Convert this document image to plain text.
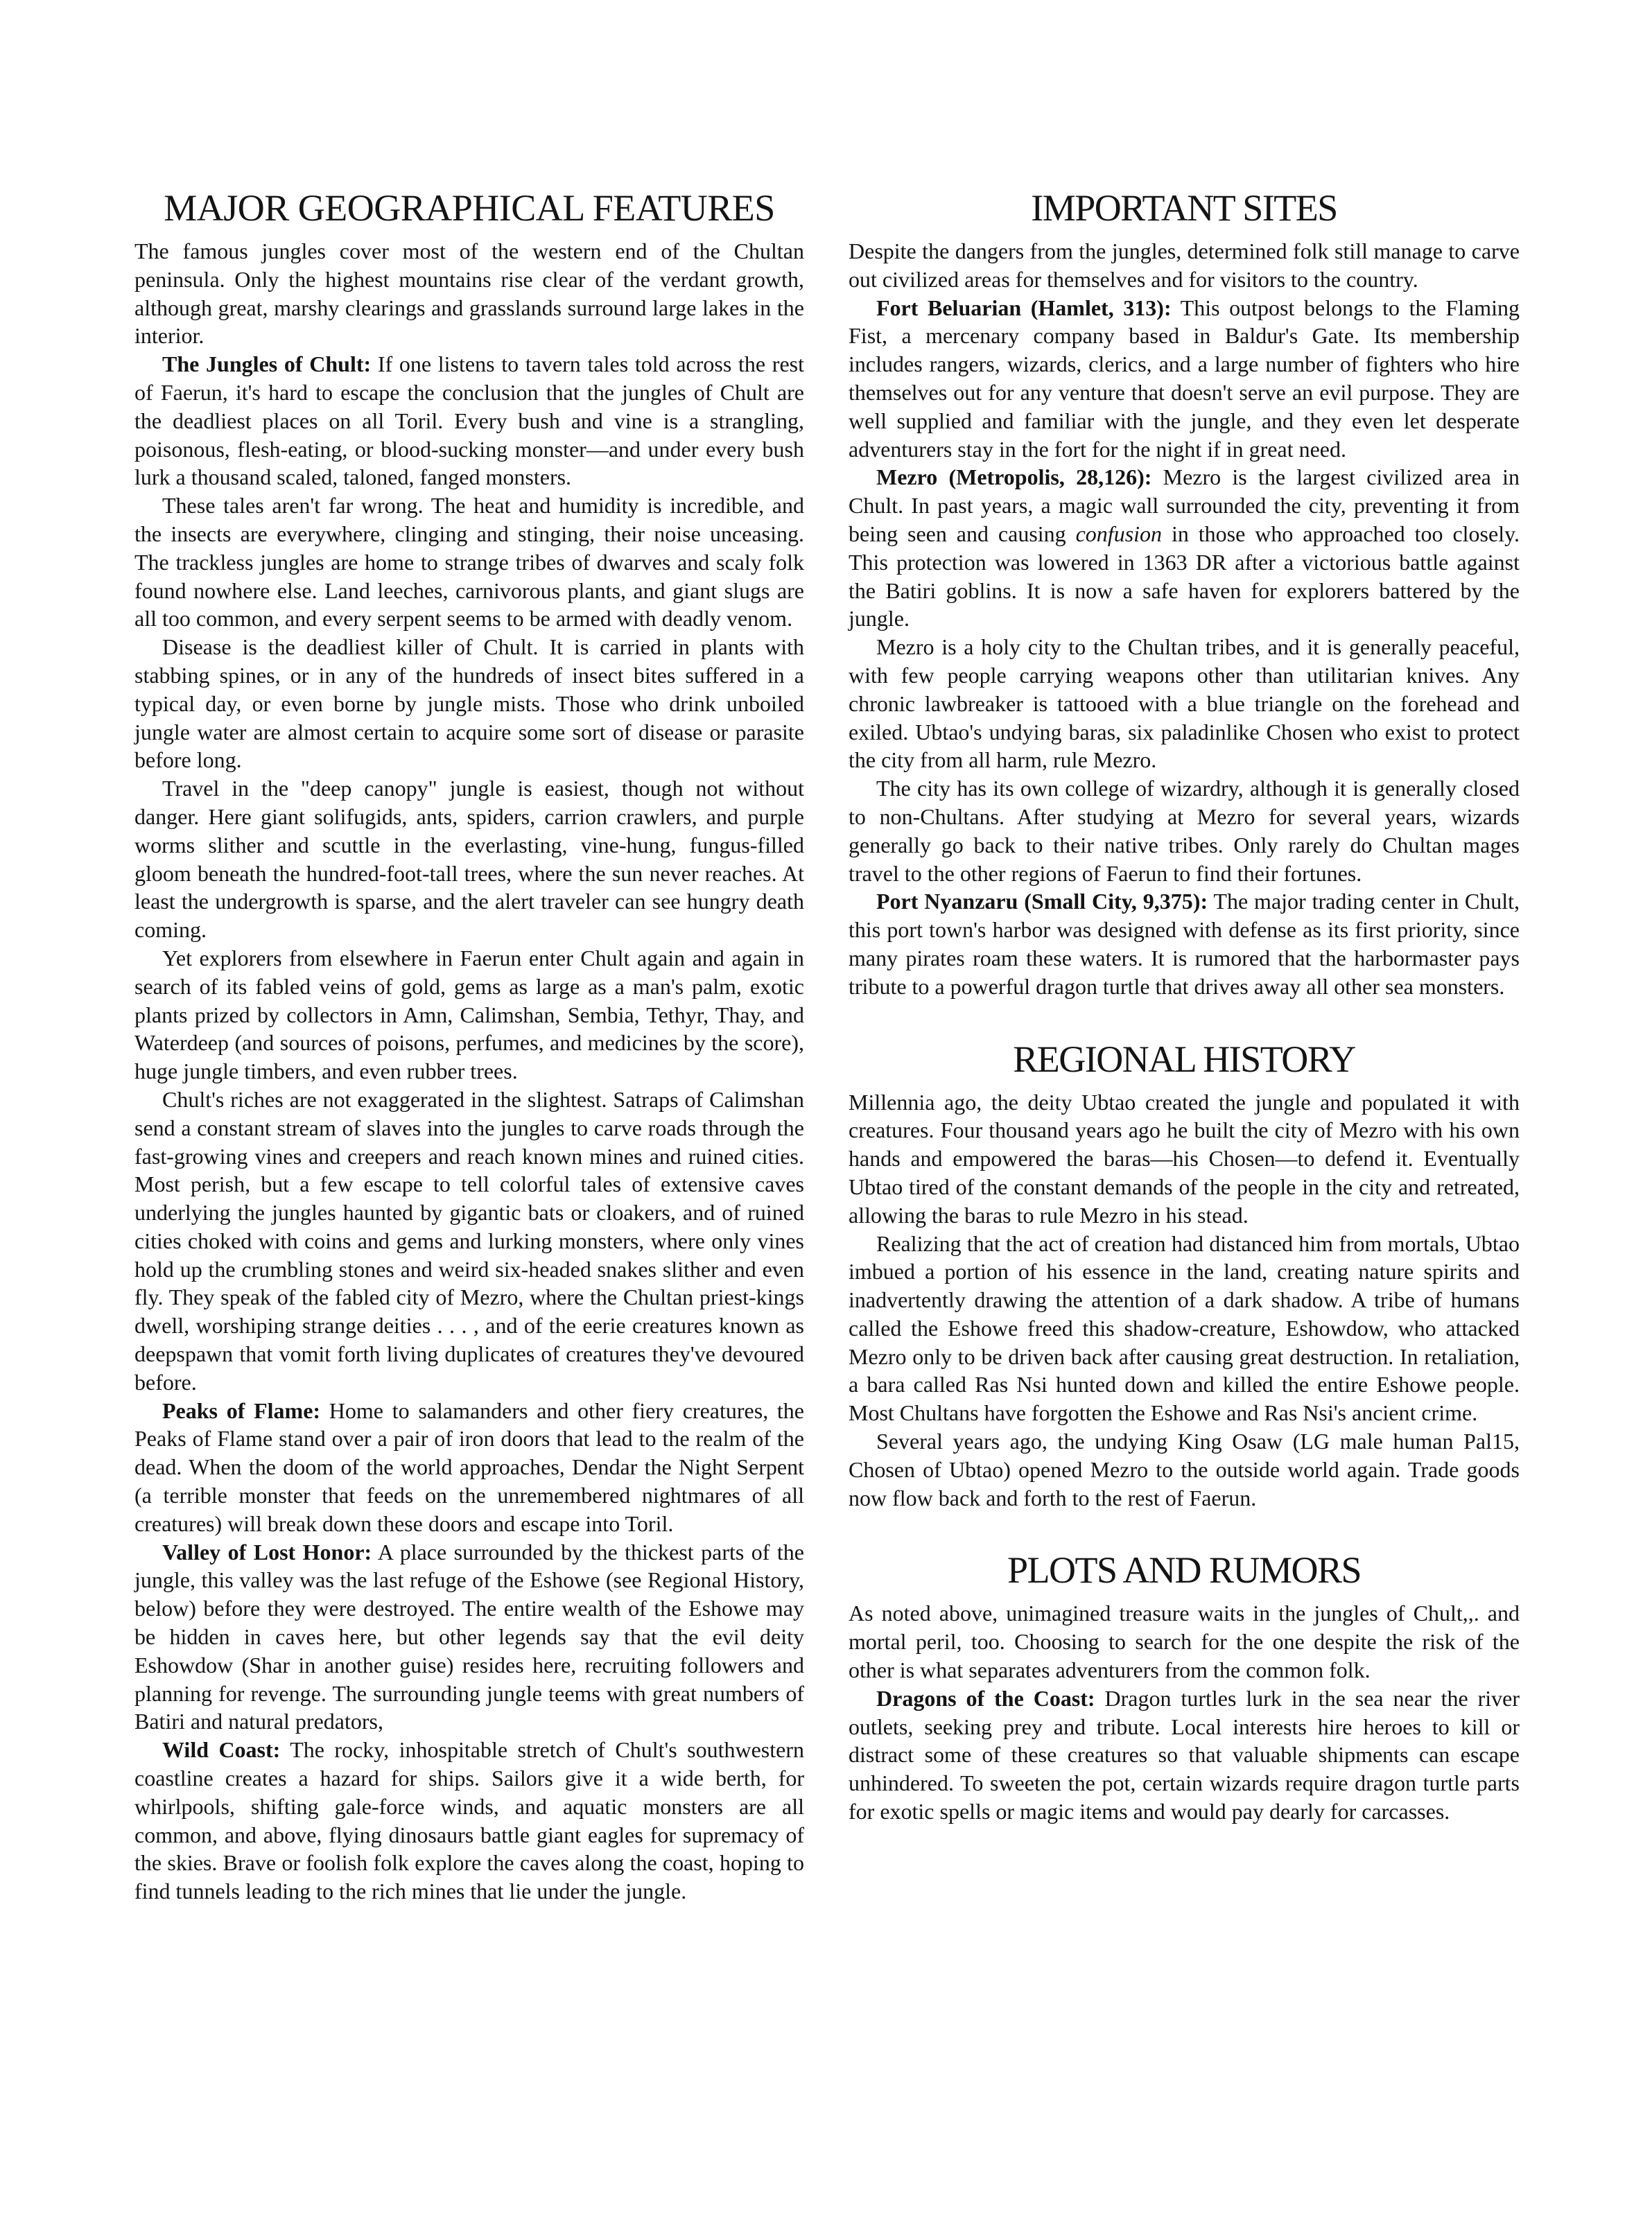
MAJOR GEOGRAPHICAL FEATURES

The famous jungles cover most of the western end of the Chultan peninsula. Only the highest mountains rise clear of the verdant growth, although great, marshy clearings and grasslands surround large lakes in the interior.

The Jungles of Chult: If one listens to tavern tales told across the rest of Faerun, it's hard to escape the conclusion that the jungles of Chult are the deadliest places on all Toril. Every bush and vine is a strangling, poisonous, flesh-eating, or blood-sucking monster—and under every bush lurk a thousand scaled, taloned, fanged monsters.

These tales aren't far wrong. The heat and humidity is incredible, and the insects are everywhere, clinging and stinging, their noise unceasing. The trackless jungles are home to strange tribes of dwarves and scaly folk found nowhere else. Land leeches, carnivorous plants, and giant slugs are all too common, and every serpent seems to be armed with deadly venom.

Disease is the deadliest killer of Chult. It is carried in plants with stabbing spines, or in any of the hundreds of insect bites suffered in a typical day, or even borne by jungle mists. Those who drink unboiled jungle water are almost certain to acquire some sort of disease or parasite before long.

Travel in the "deep canopy" jungle is easiest, though not without danger. Here giant solifugids, ants, spiders, carrion crawlers, and purple worms slither and scuttle in the everlasting, vine-hung, fungus-filled gloom beneath the hundred-foot-tall trees, where the sun never reaches. At least the undergrowth is sparse, and the alert traveler can see hungry death coming.

Yet explorers from elsewhere in Faerun enter Chult again and again in search of its fabled veins of gold, gems as large as a man's palm, exotic plants prized by collectors in Amn, Calimshan, Sembia, Tethyr, Thay, and Waterdeep (and sources of poisons, perfumes, and medicines by the score), huge jungle timbers, and even rubber trees.

Chult's riches are not exaggerated in the slightest. Satraps of Calimshan send a constant stream of slaves into the jungles to carve roads through the fast-growing vines and creepers and reach known mines and ruined cities. Most perish, but a few escape to tell colorful tales of extensive caves underlying the jungles haunted by gigantic bats or cloakers, and of ruined cities choked with coins and gems and lurking monsters, where only vines hold up the crumbling stones and weird six-headed snakes slither and even fly. They speak of the fabled city of Mezro, where the Chultan priest-kings dwell, worshiping strange deities . . . , and of the eerie creatures known as deepspawn that vomit forth living duplicates of creatures they've devoured before.

Peaks of Flame: Home to salamanders and other fiery creatures, the Peaks of Flame stand over a pair of iron doors that lead to the realm of the dead. When the doom of the world approaches, Dendar the Night Serpent (a terrible monster that feeds on the unremembered nightmares of all creatures) will break down these doors and escape into Toril.

Valley of Lost Honor: A place surrounded by the thickest parts of the jungle, this valley was the last refuge of the Eshowe (see Regional History, below) before they were destroyed. The entire wealth of the Eshowe may be hidden in caves here, but other legends say that the evil deity Eshowdow (Shar in another guise) resides here, recruiting followers and planning for revenge. The surrounding jungle teems with great numbers of Batiri and natural predators,

Wild Coast: The rocky, inhospitable stretch of Chult's southwestern coastline creates a hazard for ships. Sailors give it a wide berth, for whirlpools, shifting gale-force winds, and aquatic monsters are all common, and above, flying dinosaurs battle giant eagles for supremacy of the skies. Brave or foolish folk explore the caves along the coast, hoping to find tunnels leading to the rich mines that lie under the jungle.

IMPORTANT SITES

Despite the dangers from the jungles, determined folk still manage to carve out civilized areas for themselves and for visitors to the country.

Fort Beluarian (Hamlet, 313): This outpost belongs to the Flaming Fist, a mercenary company based in Baldur's Gate. Its membership includes rangers, wizards, clerics, and a large number of fighters who hire themselves out for any venture that doesn't serve an evil purpose. They are well supplied and familiar with the jungle, and they even let desperate adventurers stay in the fort for the night if in great need.

Mezro (Metropolis, 28,126): Mezro is the largest civilized area in Chult. In past years, a magic wall surrounded the city, preventing it from being seen and causing confusion in those who approached too closely. This protection was lowered in 1363 DR after a victorious battle against the Batiri goblins. It is now a safe haven for explorers battered by the jungle.

Mezro is a holy city to the Chultan tribes, and it is generally peaceful, with few people carrying weapons other than utilitarian knives. Any chronic lawbreaker is tattooed with a blue triangle on the forehead and exiled. Ubtao's undying baras, six paladinlike Chosen who exist to protect the city from all harm, rule Mezro.

The city has its own college of wizardry, although it is generally closed to non-Chultans. After studying at Mezro for several years, wizards generally go back to their native tribes. Only rarely do Chultan mages travel to the other regions of Faerun to find their fortunes.

Port Nyanzaru (Small City, 9,375): The major trading center in Chult, this port town's harbor was designed with defense as its first priority, since many pirates roam these waters. It is rumored that the harbormaster pays tribute to a powerful dragon turtle that drives away all other sea monsters.

REGIONAL HISTORY

Millennia ago, the deity Ubtao created the jungle and populated it with creatures. Four thousand years ago he built the city of Mezro with his own hands and empowered the baras—his Chosen—to defend it. Eventually Ubtao tired of the constant demands of the people in the city and retreated, allowing the baras to rule Mezro in his stead.

Realizing that the act of creation had distanced him from mortals, Ubtao imbued a portion of his essence in the land, creating nature spirits and inadvertently drawing the attention of a dark shadow. A tribe of humans called the Eshowe freed this shadow-creature, Eshowdow, who attacked Mezro only to be driven back after causing great destruction. In retaliation, a bara called Ras Nsi hunted down and killed the entire Eshowe people. Most Chultans have forgotten the Eshowe and Ras Nsi's ancient crime.

Several years ago, the undying King Osaw (LG male human Pal15, Chosen of Ubtao) opened Mezro to the outside world again. Trade goods now flow back and forth to the rest of Faerun.

PLOTS AND RUMORS

As noted above, unimagined treasure waits in the jungles of Chult,,. and mortal peril, too. Choosing to search for the one despite the risk of the other is what separates adventurers from the common folk.

Dragons of the Coast: Dragon turtles lurk in the sea near the river outlets, seeking prey and tribute. Local interests hire heroes to kill or distract some of these creatures so that valuable shipments can escape unhindered. To sweeten the pot, certain wizards require dragon turtle parts for exotic spells or magic items and would pay dearly for carcasses.
